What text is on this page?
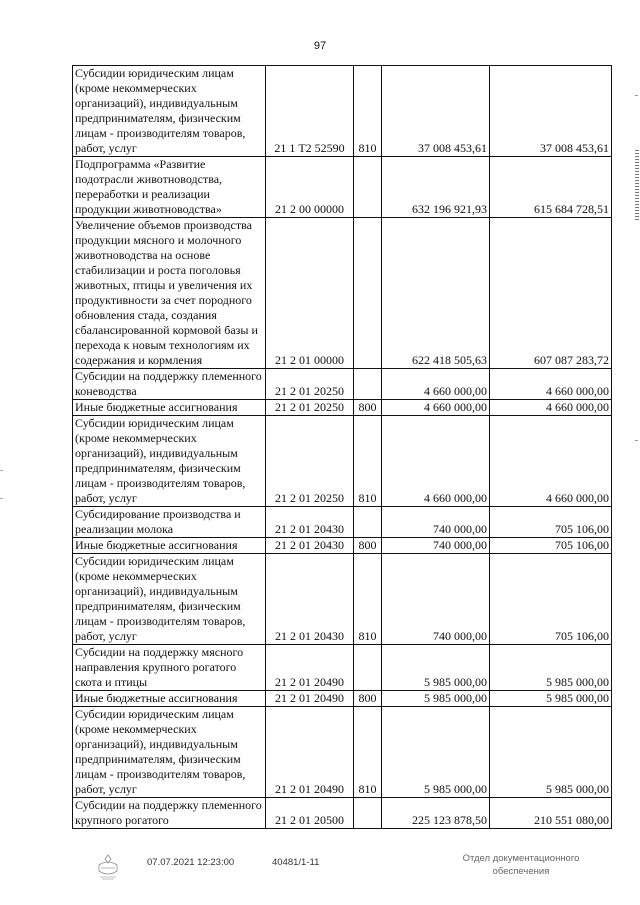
97
Субсидии юридическим лицам (кроме некоммерческих организаций), индивидуальным предпринимателям, физическим лицам - производителям товаров, работ, услуг	21 1 Т2 52590	810	37 008 453,61	37 008 453,61
Подпрограмма «Развитие подотрасли животноводства, переработки и реализации продукции животноводства»	21 2 00 00000		632 196 921,93	615 684 728,51
Увеличение объемов производства продукции мясного и молочного животноводства на основе стабилизации и роста поголовья животных, птицы и увеличения их продуктивности за счет породного обновления стада, создания сбалансированной кормовой базы и перехода к новым технологиям их содержания и кормления	21 2 01 00000		622 418 505,63	607 087 283,72
Субсидии на поддержку племенного коневодства	21 2 01 20250		4 660 000,00	4 660 000,00
Иные бюджетные ассигнования	21 2 01 20250	800	4 660 000,00	4 660 000,00
Субсидии юридическим лицам (кроме некоммерческих организаций), индивидуальным предпринимателям, физическим лицам - производителям товаров, работ, услуг	21 2 01 20250	810	4 660 000,00	4 660 000,00
Субсидирование производства и реализации молока	21 2 01 20430		740 000,00	705 106,00
Иные бюджетные ассигнования	21 2 01 20430	800	740 000,00	705 106,00
Субсидии юридическим лицам (кроме некоммерческих организаций), индивидуальным предпринимателям, физическим лицам - производителям товаров, работ, услуг	21 2 01 20430	810	740 000,00	705 106,00
Субсидии на поддержку мясного направления крупного рогатого скота и птицы	21 2 01 20490		5 985 000,00	5 985 000,00
Иные бюджетные ассигнования	21 2 01 20490	800	5 985 000,00	5 985 000,00
Субсидии юридическим лицам (кроме некоммерческих организаций), индивидуальным предпринимателям, физическим лицам - производителям товаров, работ, услуг	21 2 01 20490	810	5 985 000,00	5 985 000,00
Субсидии на поддержку племенного крупного рогатого	21 2 01 20500		225 123 878,50	210 551 080,00
07.07.2021 12:23:00	40481/1-11	Отдел документационного
обеспечения
